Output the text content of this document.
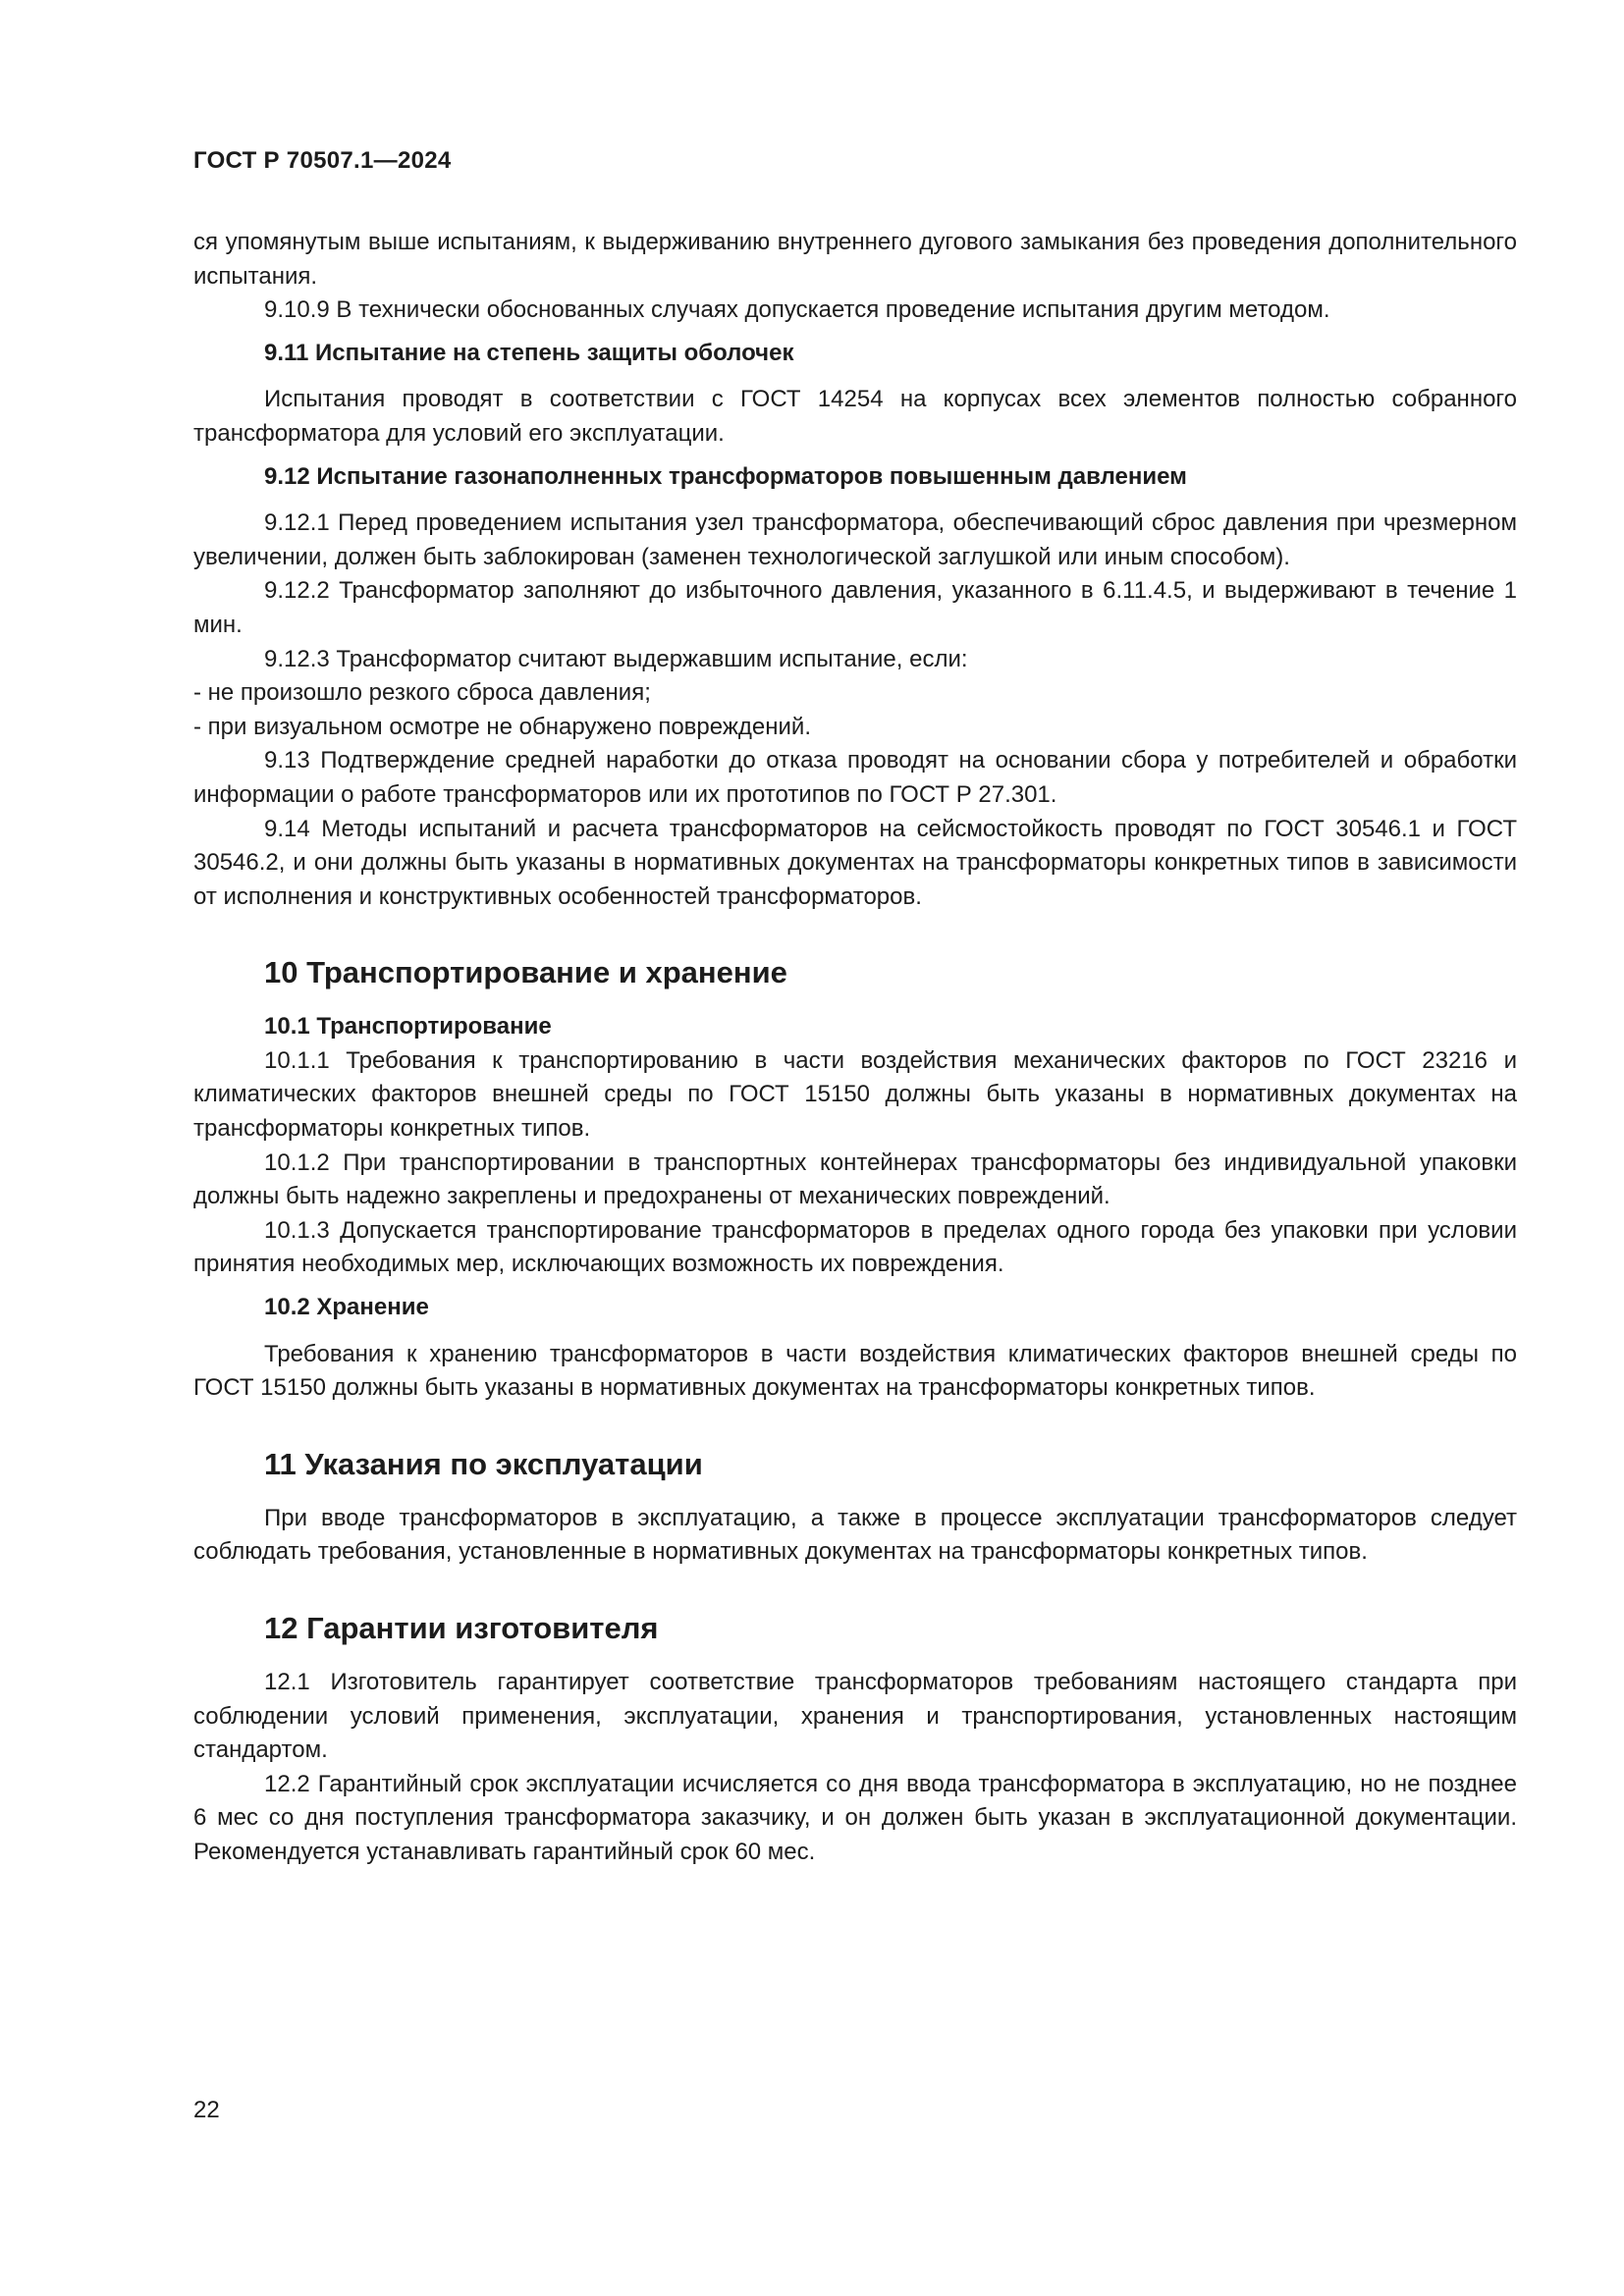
ГОСТ Р 70507.1—2024
ся упомянутым выше испытаниям, к выдерживанию внутреннего дугового замыкания без проведения дополнительного испытания.
9.10.9 В технически обоснованных случаях допускается проведение испытания другим методом.
9.11 Испытание на степень защиты оболочек
Испытания проводят в соответствии с ГОСТ 14254 на корпусах всех элементов полностью собранного трансформатора для условий его эксплуатации.
9.12 Испытание газонаполненных трансформаторов повышенным давлением
9.12.1 Перед проведением испытания узел трансформатора, обеспечивающий сброс давления при чрезмерном увеличении, должен быть заблокирован (заменен технологической заглушкой или иным способом).
9.12.2 Трансформатор заполняют до избыточного давления, указанного в 6.11.4.5, и выдерживают в течение 1 мин.
9.12.3 Трансформатор считают выдержавшим испытание, если:
- не произошло резкого сброса давления;
- при визуальном осмотре не обнаружено повреждений.
9.13 Подтверждение средней наработки до отказа проводят на основании сбора у потребителей и обработки информации о работе трансформаторов или их прототипов по ГОСТ Р 27.301.
9.14 Методы испытаний и расчета трансформаторов на сейсмостойкость проводят по ГОСТ 30546.1 и ГОСТ 30546.2, и они должны быть указаны в нормативных документах на трансформаторы конкретных типов в зависимости от исполнения и конструктивных особенностей трансформаторов.
10 Транспортирование и хранение
10.1 Транспортирование
10.1.1 Требования к транспортированию в части воздействия механических факторов по ГОСТ 23216 и климатических факторов внешней среды по ГОСТ 15150 должны быть указаны в нормативных документах на трансформаторы конкретных типов.
10.1.2 При транспортировании в транспортных контейнерах трансформаторы без индивидуальной упаковки должны быть надежно закреплены и предохранены от механических повреждений.
10.1.3 Допускается транспортирование трансформаторов в пределах одного города без упаковки при условии принятия необходимых мер, исключающих возможность их повреждения.
10.2 Хранение
Требования к хранению трансформаторов в части воздействия климатических факторов внешней среды по ГОСТ 15150 должны быть указаны в нормативных документах на трансформаторы конкретных типов.
11 Указания по эксплуатации
При вводе трансформаторов в эксплуатацию, а также в процессе эксплуатации трансформаторов следует соблюдать требования, установленные в нормативных документах на трансформаторы конкретных типов.
12 Гарантии изготовителя
12.1 Изготовитель гарантирует соответствие трансформаторов требованиям настоящего стандарта при соблюдении условий применения, эксплуатации, хранения и транспортирования, установленных настоящим стандартом.
12.2 Гарантийный срок эксплуатации исчисляется со дня ввода трансформатора в эксплуатацию, но не позднее 6 мес со дня поступления трансформатора заказчику, и он должен быть указан в эксплуатационной документации. Рекомендуется устанавливать гарантийный срок 60 мес.
22
